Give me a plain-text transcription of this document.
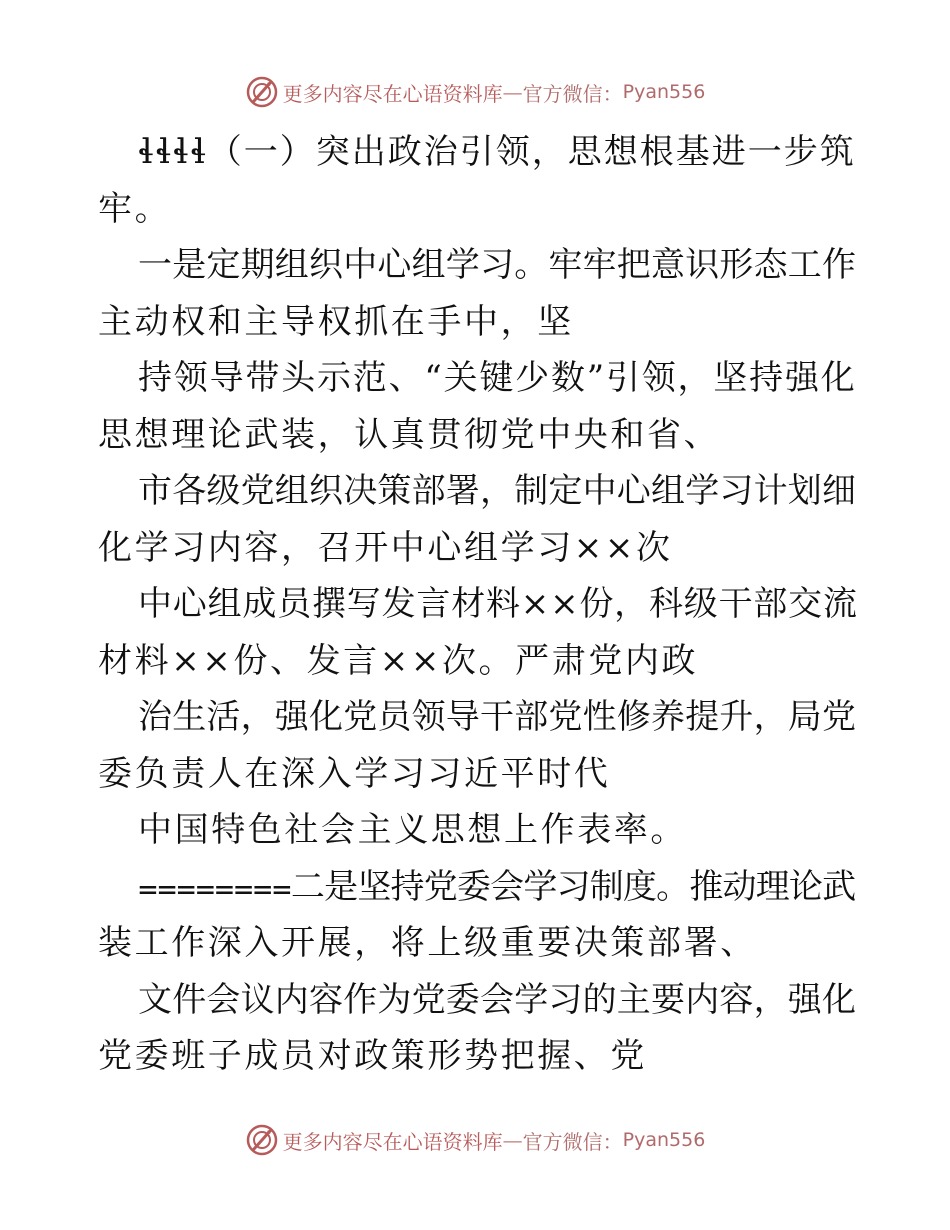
更多内容尽在心语资料库 — 官方微信： Pyan556
ɬɬɬɬ（一）突出政治引领，思想根基进一步筑
牢。
一是定期组织中心组学习。牢牢把意识形态工作
主动权和主导权抓在手中，坚
持领导带头示范、“关键少数”引领，坚持强化
思想理论武装，认真贯彻党中央和省、
市各级党组织决策部署，制定中心组学习计划细
化学习内容，召开中心组学习××次
中心组成员撰写发言材料××份，科级干部交流
材料××份、发言××次。严肃党内政
治生活，强化党员领导干部党性修养提升，局党
委负责人在深入学习习近平时代
中国特色社会主义思想上作表率。
⩵⩵⩵⩵二是坚持党委会学习制度。推动理论武
装工作深入开展，将上级重要决策部署、
文件会议内容作为党委会学习的主要内容，强化
党委班子成员对政策形势把握、党
更多内容尽在心语资料库 — 官方微信： Pyan556
